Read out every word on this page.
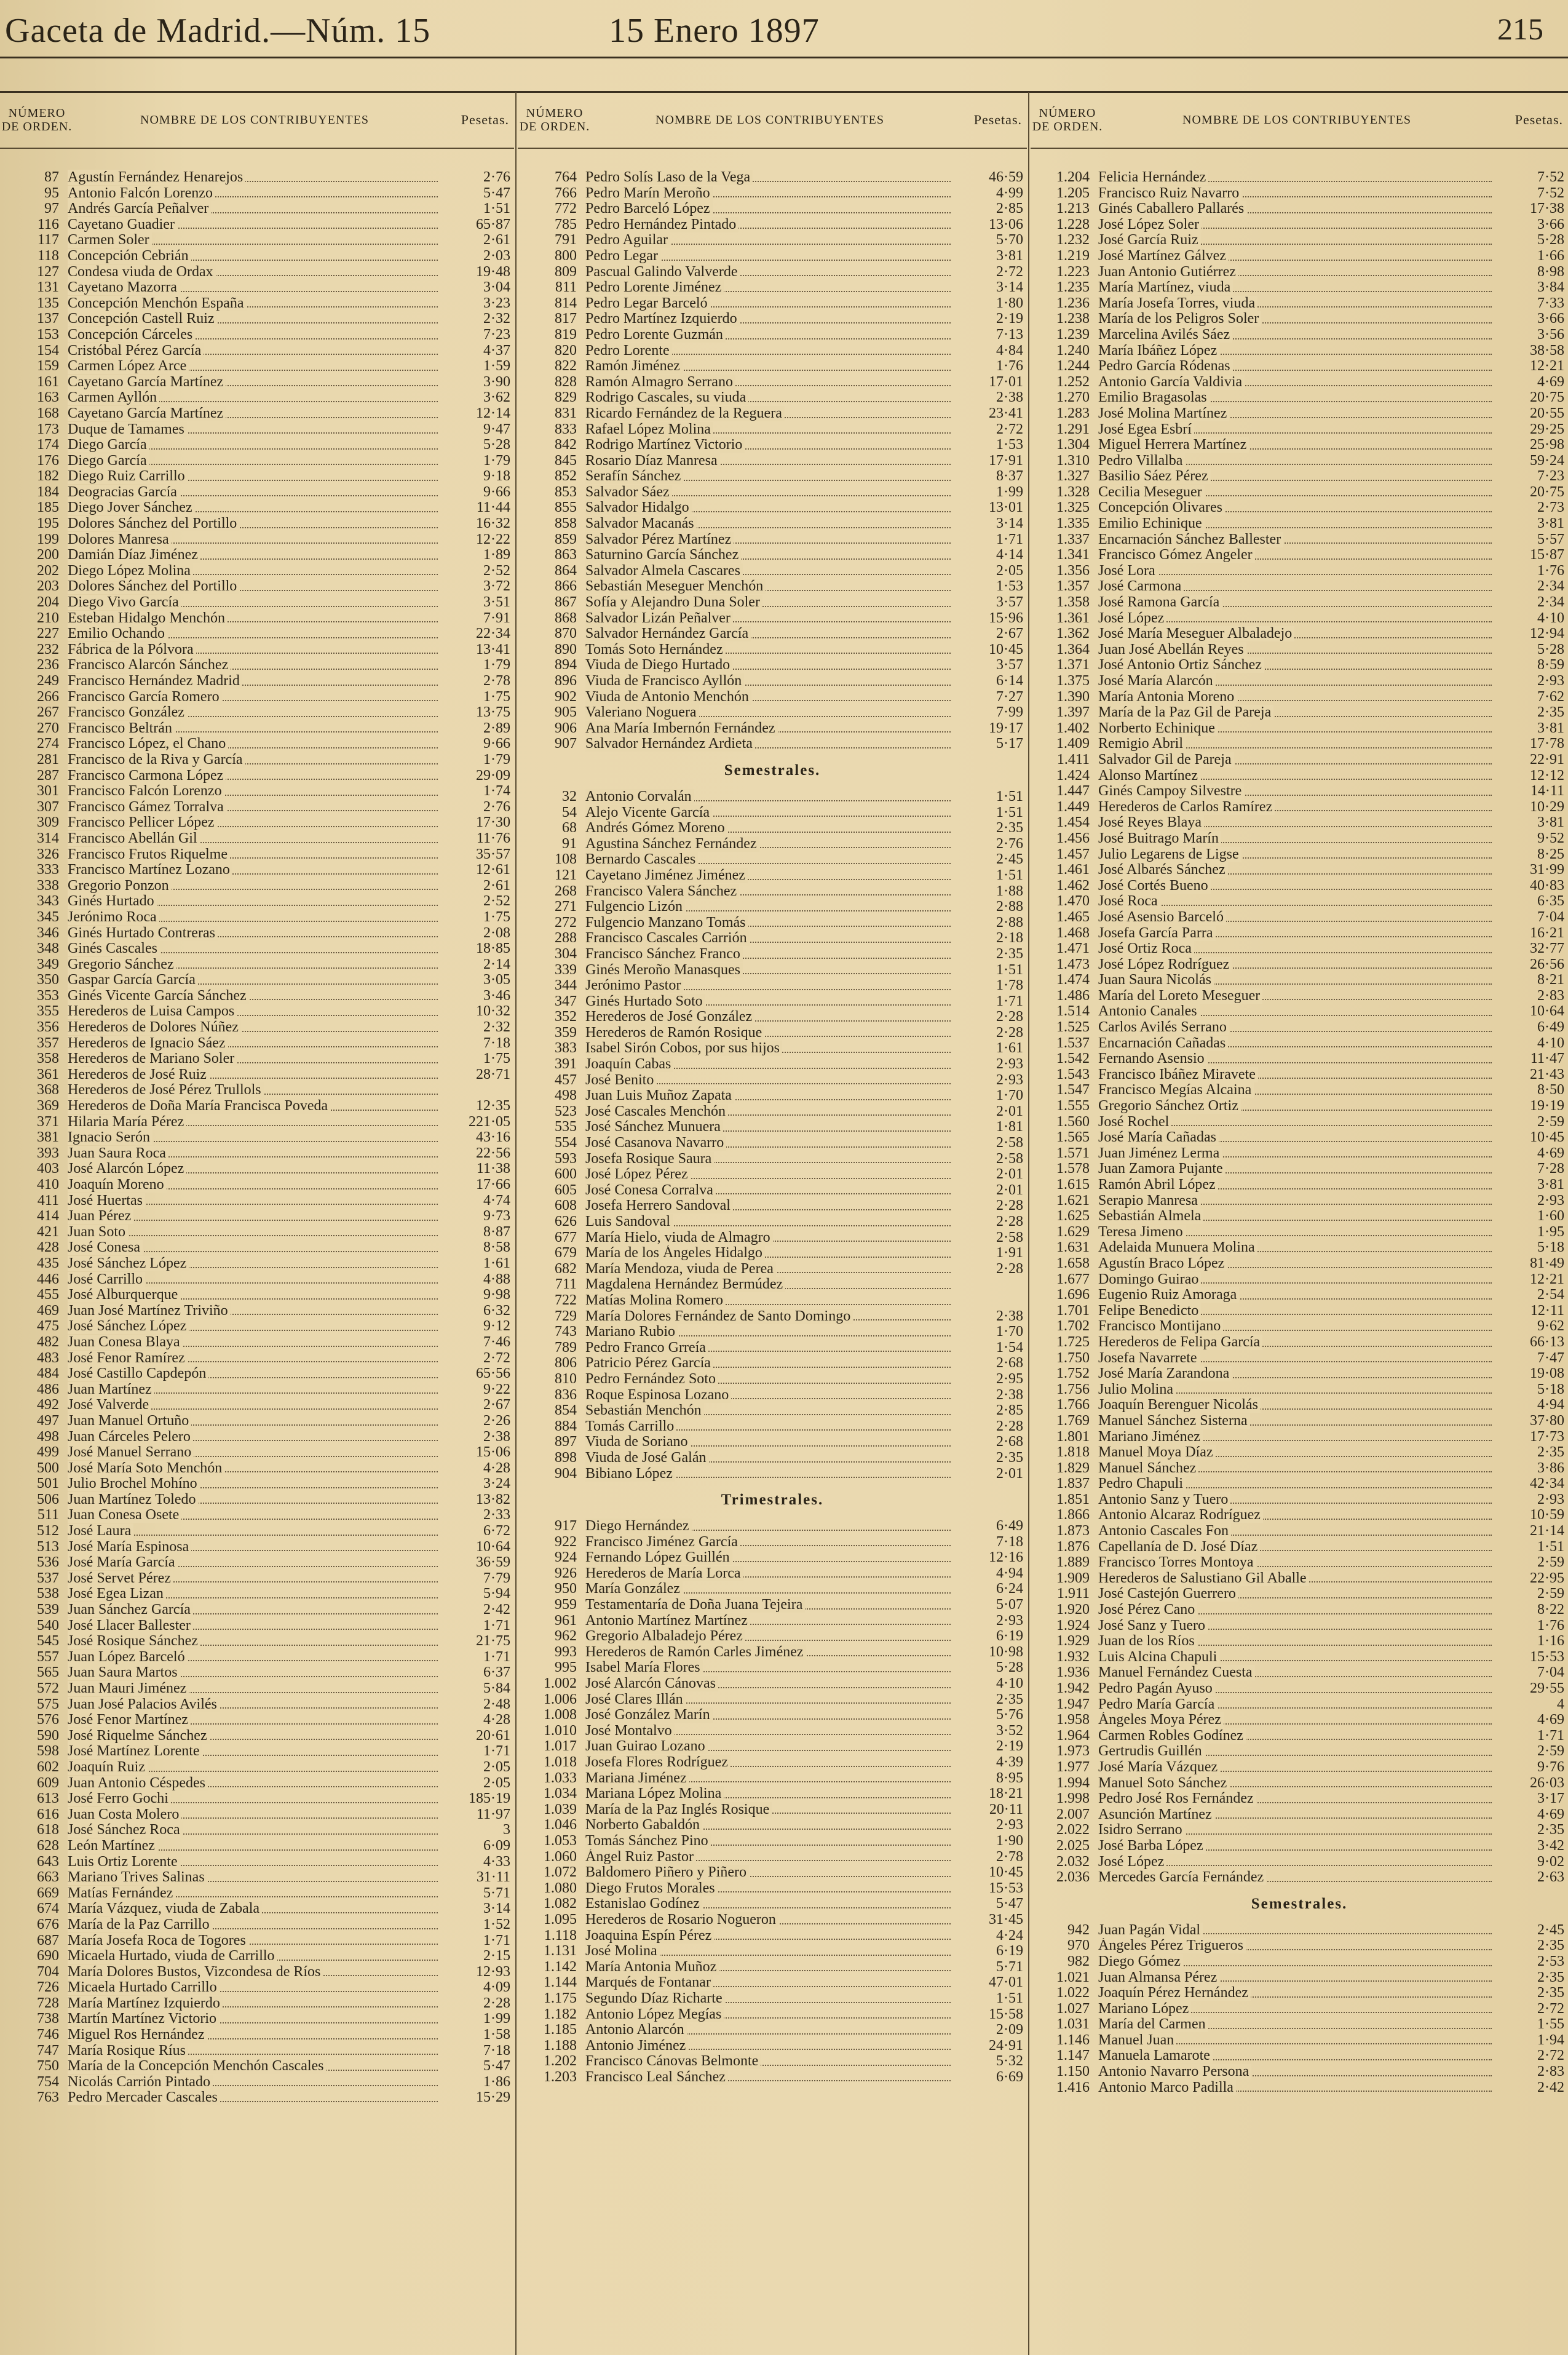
Gaceta de Madrid.—Núm. 15	15 Enero 1897	215
NÚMERO DE ORDEN.
NOMBRE DE LOS CONTRIBUYENTES	Pesetas.
87 Agustín Fernández Henarejos	2·76
95 Antonio Falcón Lorenzo	5·47
97 Andrés García Peñalver	1·51
116 Cayetano Guadier	65·87
117 Carmen Soler	2·61
118 Concepción Cebrián	2·03
127 Condesa viuda de Ordax	19·48
131 Cayetano Mazorra	3·04
135 Concepción Menchón España	3·23
137 Concepción Castell Ruiz	2·32
153 Concepción Cárceles	7·23
154 Cristóbal Pérez García	4·37
159 Carmen López Arce	1·59
161 Cayetano García Martínez	3·90
163 Carmen Ayllón	3·62
168 Cayetano García Martínez	12·14
173 Duque de Tamames	9·47
174 Diego García	5·28
176 Diego García	1·79
182 Diego Ruiz Carrillo	9·18
184 Deogracias García	9·66
185 Diego Jover Sánchez	11·44
195 Dolores Sánchez del Portillo	16·32
199 Dolores Manresa	12·22
200 Damián Díaz Jiménez	1·89
202 Diego López Molina	2·52
203 Dolores Sánchez del Portillo	3·72
204 Diego Vivo García	3·51
210 Esteban Hidalgo Menchón	7·91
227 Emilio Ochando	22·34
232 Fábrica de la Pólvora	13·41
236 Francisco Alarcón Sánchez	1·79
249 Francisco Hernández Madrid	2·78
266 Francisco García Romero	1·75
267 Francisco González	13·75
270 Francisco Beltrán	2·89
274 Francisco López, el Chano	9·66
281 Francisco de la Riva y García	1·79
287 Francisco Carmona López	29·09
301 Francisco Falcón Lorenzo	1·74
307 Francisco Gámez Torralva	2·76
309 Francisco Pellicer López	17·30
314 Francisco Abellán Gil	11·76
326 Francisco Frutos Riquelme	35·57
333 Francisco Martínez Lozano	12·61
338 Gregorio Ponzon	2·61
343 Ginés Hurtado	2·52
345 Jerónimo Roca	1·75
346 Ginés Hurtado Contreras	2·08
348 Ginés Cascales	18·85
349 Gregorio Sánchez	2·14
350 Gaspar García García	3·05
353 Ginés Vicente García Sánchez	3·46
355 Herederos de Luisa Campos	10·32
356 Herederos de Dolores Núñez	2·32
357 Herederos de Ignacio Sáez	7·18
358 Herederos de Mariano Soler	1·75
361 Herederos de José Ruiz	28·71
368 Herederos de José Pérez Trullols
369 Herederos de Doña María Francisca Poveda	12·35
371 Hilaria María Pérez	221·05
381 Ignacio Serón	43·16
393 Juan Saura Roca	22·56
403 José Alarcón López	11·38
410 Joaquín Moreno	17·66
411 José Huertas	4·74
414 Juan Pérez	9·73
421 Juan Soto	8·87
428 José Conesa	8·58
435 José Sánchez López	1·61
446 José Carrillo	4·88
455 José Alburquerque	9·98
469 Juan José Martínez Triviño	6·32
475 José Sánchez López	9·12
482 Juan Conesa Blaya	7·46
483 José Fenor Ramírez	2·72
484 José Castillo Capdepón	65·56
486 Juan Martínez	9·22
492 José Valverde	2·67
497 Juan Manuel Ortuño	2·26
498 Juan Cárceles Pelero	2·38
499 José Manuel Serrano	15·06
500 José María Soto Menchón	4·28
501 Julio Brochel Mohíno	3·24
506 Juan Martínez Toledo	13·82
511 Juan Conesa Osete	2·33
512 José Laura	6·72
513 José María Espinosa	10·64
536 José María García	36·59
537 José Servet Pérez	7·79
538 José Egea Lizan	5·94
539 Juan Sánchez García	2·42
540 José Llacer Ballester	1·71
545 José Rosique Sánchez	21·75
557 Juan López Barceló	1·71
565 Juan Saura Martos	6·37
572 Juan Mauri Jiménez	5·84
575 Juan José Palacios Avilés	2·48
576 José Fenor Martínez	4·28
590 José Riquelme Sánchez	20·61
598 José Martínez Lorente	1·71
602 Joaquín Ruiz	2·05
609 Juan Antonio Céspedes	2·05
613 José Ferro Gochi	185·19
616 Juan Costa Molero	11·97
618 José Sánchez Roca	3
628 León Martínez	6·09
643 Luis Ortiz Lorente	4·33
663 Mariano Trives Salinas	31·11
669 Matías Fernández	5·71
674 María Vázquez, viuda de Zabala	3·14
676 María de la Paz Carrillo	1·52
687 María Josefa Roca de Togores	1·71
690 Micaela Hurtado, viuda de Carrillo	2·15
704 María Dolores Bustos, Vizcondesa de Ríos	12·93
726 Micaela Hurtado Carrillo	4·09
728 María Martínez Izquierdo	2·28
738 Martín Martínez Victorio	1·99
746 Miguel Ros Hernández	1·58
747 María Rosique Ríus	7·18
750 María de la Concepción Menchón Cascales	5·47
754 Nicolás Carrión Pintado	1·86
763 Pedro Mercader Cascales	15·29
NÚMERO DE ORDEN.
NOMBRE DE LOS CONTRIBUYENTES	Pesetas.
764 Pedro Solís Laso de la Vega	46·59
766 Pedro Marín Meroño	4·99
772 Pedro Barceló López	2·85
785 Pedro Hernández Pintado	13·06
791 Pedro Aguilar	5·70
800 Pedro Legar	3·81
809 Pascual Galindo Valverde	2·72
811 Pedro Lorente Jiménez	3·14
814 Pedro Legar Barceló	1·80
817 Pedro Martínez Izquierdo	2·19
819 Pedro Lorente Guzmán	7·13
820 Pedro Lorente	4·84
822 Ramón Jiménez	1·76
828 Ramón Almagro Serrano	17·01
829 Rodrigo Cascales, su viuda	2·38
831 Ricardo Fernández de la Reguera	23·41
833 Rafael López Molina	2·72
842 Rodrigo Martínez Victorio	1·53
845 Rosario Díaz Manresa	17·91
852 Serafín Sánchez	8·37
853 Salvador Sáez	1·99
855 Salvador Hidalgo	13·01
858 Salvador Macanás	3·14
859 Salvador Pérez Martínez	1·71
863 Saturnino García Sánchez	4·14
864 Salvador Almela Cascares	2·05
866 Sebastián Meseguer Menchón	1·53
867 Sofía y Alejandro Duna Soler	3·57
868 Salvador Lizán Peñalver	15·96
870 Salvador Hernández García	2·67
890 Tomás Soto Hernández	10·45
894 Viuda de Diego Hurtado	3·57
896 Viuda de Francisco Ayllón	6·14
902 Viuda de Antonio Menchón	7·27
905 Valeriano Noguera	7·99
906 Ana María Imbernón Fernández	19·17
907 Salvador Hernández Ardieta	5·17
Semestrales.
32 Antonio Corvalán	1·51
54 Alejo Vicente García	1·51
68 Andrés Gómez Moreno	2·35
91 Agustina Sánchez Fernández	2·76
108 Bernardo Cascales	2·45
121 Cayetano Jiménez Jiménez	1·51
268 Francisco Valera Sánchez	1·88
271 Fulgencio Lizón	2·88
272 Fulgencio Manzano Tomás	2·88
288 Francisco Cascales Carrión	2·18
304 Francisco Sánchez Franco	2·35
339 Ginés Meroño Manasques	1·51
344 Jerónimo Pastor	1·78
347 Ginés Hurtado Soto	1·71
352 Herederos de José González	2·28
359 Herederos de Ramón Rosique	2·28
383 Isabel Sirón Cobos, por sus hijos	1·61
391 Joaquín Cabas	2·93
457 José Benito	2·93
498 Juan Luis Muñoz Zapata	1·70
523 José Cascales Menchón	2·01
535 José Sánchez Munuera	1·81
554 José Casanova Navarro	2·58
593 Josefa Rosique Saura	2·58
600 José López Pérez	2·01
605 José Conesa Corralva	2·01
608 Josefa Herrero Sandoval	2·28
626 Luis Sandoval	2·28
677 María Hielo, viuda de Almagro	2·58
679 María de los Ángeles Hidalgo	1·91
682 María Mendoza, viuda de Perea	2·28
711 Magdalena Hernández Bermúdez
722 Matías Molina Romero
729 María Dolores Fernández de Santo Domingo	2·38
743 Mariano Rubio	1·70
789 Pedro Franco Grreía	1·54
806 Patricio Pérez García	2·68
810 Pedro Fernández Soto	2·95
836 Roque Espinosa Lozano	2·38
854 Sebastián Menchón	2·85
884 Tomás Carrillo	2·28
897 Viuda de Soriano	2·68
898 Viuda de José Galán	2·35
904 Bibiano López	2·01
Trimestrales.
917 Diego Hernández	6·49
922 Francisco Jiménez García	7·18
924 Fernando López Guillén	12·16
926 Herederos de María Lorca	4·94
950 María González	6·24
959 Testamentaría de Doña Juana Tejeira	5·07
961 Antonio Martínez Martínez	2·93
962 Gregorio Albaladejo Pérez	6·19
993 Herederos de Ramón Carles Jiménez	10·98
995 Isabel María Flores	5·28
1.002 José Alarcón Cánovas	4·10
1.006 José Clares Illán	2·35
1.008 José González Marín	5·76
1.010 José Montalvo	3·52
1.017 Juan Guirao Lozano	2·19
1.018 Josefa Flores Rodríguez	4·39
1.033 Mariana Jiménez	8·95
1.034 Mariana López Molina	18·21
1.039 María de la Paz Inglés Rosique	20·11
1.046 Norberto Gabaldón	2·93
1.053 Tomás Sánchez Pino	1·90
1.060 Ángel Ruiz Pastor	2·78
1.072 Baldomero Piñero y Piñero	10·45
1.080 Diego Frutos Morales	15·53
1.082 Estanislao Godínez	5·47
1.095 Herederos de Rosario Nogueron	31·45
1.118 Joaquina Espín Pérez	4·24
1.131 José Molina	6·19
1.142 María Antonia Muñoz	5·71
1.144 Marqués de Fontanar	47·01
1.175 Segundo Díaz Richarte	1·51
1.182 Antonio López Megías	15·58
1.185 Antonio Alarcón	2·09
1.188 Antonio Jiménez	24·91
1.202 Francisco Cánovas Belmonte	5·32
1.203 Francisco Leal Sánchez	6·69
NÚMERO DE ORDEN.
NOMBRE DE LOS CONTRIBUYENTES	Pesetas.
1.204 Felicia Hernández	7·52
1.205 Francisco Ruiz Navarro	7·52
1.213 Ginés Caballero Pallarés	17·38
1.228 José López Soler	3·66
1.232 José García Ruiz	5·28
1.219 José Martínez Gálvez	1·66
1.223 Juan Antonio Gutiérrez	8·98
1.235 María Martínez, viuda	3·84
1.236 María Josefa Torres, viuda	7·33
1.238 María de los Peligros Soler	3·66
1.239 Marcelina Avilés Sáez	3·56
1.240 María Ibáñez López	38·58
1.244 Pedro García Ródenas	12·21
1.252 Antonio García Valdivia	4·69
1.270 Emilio Bragasolas	20·75
1.283 José Molina Martínez	20·55
1.291 José Egea Esbrí	29·25
1.304 Miguel Herrera Martínez	25·98
1.310 Pedro Villalba	59·24
1.327 Basilio Sáez Pérez	7·23
1.328 Cecilia Meseguer	20·75
1.325 Concepción Olivares	2·73
1.335 Emilio Echinique	3·81
1.337 Encarnación Sánchez Ballester	5·57
1.341 Francisco Gómez Angeler	15·87
1.356 José Lora	1·76
1.357 José Carmona	2·34
1.358 José Ramona García	2·34
1.361 José López	4·10
1.362 José María Meseguer Albaladejo	12·94
1.364 Juan José Abellán Reyes	5·28
1.371 José Antonio Ortiz Sánchez	8·59
1.375 José María Alarcón	2·93
1.390 María Antonia Moreno	7·62
1.397 María de la Paz Gil de Pareja	2·35
1.402 Norberto Echinique	3·81
1.409 Remigio Abril	17·78
1.411 Salvador Gil de Pareja	22·91
1.424 Alonso Martínez	12·12
1.447 Ginés Campoy Silvestre	14·11
1.449 Herederos de Carlos Ramírez	10·29
1.454 José Reyes Blaya	3·81
1.456 José Buitrago Marín	9·52
1.457 Julio Legarens de Ligse	8·25
1.461 José Albarés Sánchez	31·99
1.462 José Cortés Bueno	40·83
1.470 José Roca	6·35
1.465 José Asensio Barceló	7·04
1.468 Josefa García Parra	16·21
1.471 José Ortiz Roca	32·77
1.473 José López Rodríguez	26·56
1.474 Juan Saura Nicolás	8·21
1.486 María del Loreto Meseguer	2·83
1.514 Antonio Canales	10·64
1.525 Carlos Avilés Serrano	6·49
1.537 Encarnación Cañadas	4·10
1.542 Fernando Asensio	11·47
1.543 Francisco Ibáñez Miravete	21·43
1.547 Francisco Megías Alcaina	8·50
1.555 Gregorio Sánchez Ortiz	19·19
1.560 José Rochel	2·59
1.565 José María Cañadas	10·45
1.571 Juan Jiménez Lerma	4·69
1.578 Juan Zamora Pujante	7·28
1.615 Ramón Abril López	3·81
1.621 Serapio Manresa	2·93
1.625 Sebastián Almela	1·60
1.629 Teresa Jimeno	1·95
1.631 Adelaida Munuera Molina	5·18
1.658 Agustín Braco López	81·49
1.677 Domingo Guirao	12·21
1.696 Eugenio Ruiz Amoraga	2·54
1.701 Felipe Benedicto	12·11
1.702 Francisco Montijano	9·62
1.725 Herederos de Felipa García	66·13
1.750 Josefa Navarrete	7·47
1.752 José María Zarandona	19·08
1.756 Julio Molina	5·18
1.766 Joaquín Berenguer Nicolás	4·94
1.769 Manuel Sánchez Sisterna	37·80
1.801 Mariano Jiménez	17·73
1.818 Manuel Moya Díaz	2·35
1.829 Manuel Sánchez	3·86
1.837 Pedro Chapuli	42·34
1.851 Antonio Sanz y Tuero	2·93
1.866 Antonio Alcaraz Rodríguez	10·59
1.873 Antonio Cascales Fon	21·14
1.876 Capellanía de D. José Díaz	1·51
1.889 Francisco Torres Montoya	2·59
1.909 Herederos de Salustiano Gil Aballe	22·95
1.911 José Castejón Guerrero	2·59
1.920 José Pérez Cano	8·22
1.924 José Sanz y Tuero	1·76
1.929 Juan de los Ríos	1·16
1.932 Luis Alcina Chapuli	15·53
1.936 Manuel Fernández Cuesta	7·04
1.942 Pedro Pagán Ayuso	29·55
1.947 Pedro María García	4
1.958 Ángeles Moya Pérez	4·69
1.964 Carmen Robles Godínez	1·71
1.973 Gertrudis Guillén	2·59
1.977 José María Vázquez	9·76
1.994 Manuel Soto Sánchez	26·03
1.998 Pedro José Ros Fernández	3·17
2.007 Asunción Martínez	4·69
2.022 Isidro Serrano	2·35
2.025 José Barba López	3·42
2.032 José López	9·02
2.036 Mercedes García Fernández	2·63
Semestrales.
942 Juan Pagán Vidal	2·45
970 Ángeles Pérez Trigueros	2·35
982 Diego Gómez	2·53
1.021 Juan Almansa Pérez	2·35
1.022 Joaquín Pérez Hernández	2·35
1.027 Mariano López	2·72
1.031 María del Carmen	1·55
1.146 Manuel Juan	1·94
1.147 Manuela Lamarote	2·72
1.150 Antonio Navarro Persona	2·83
1.416 Antonio Marco Padilla	2·42
